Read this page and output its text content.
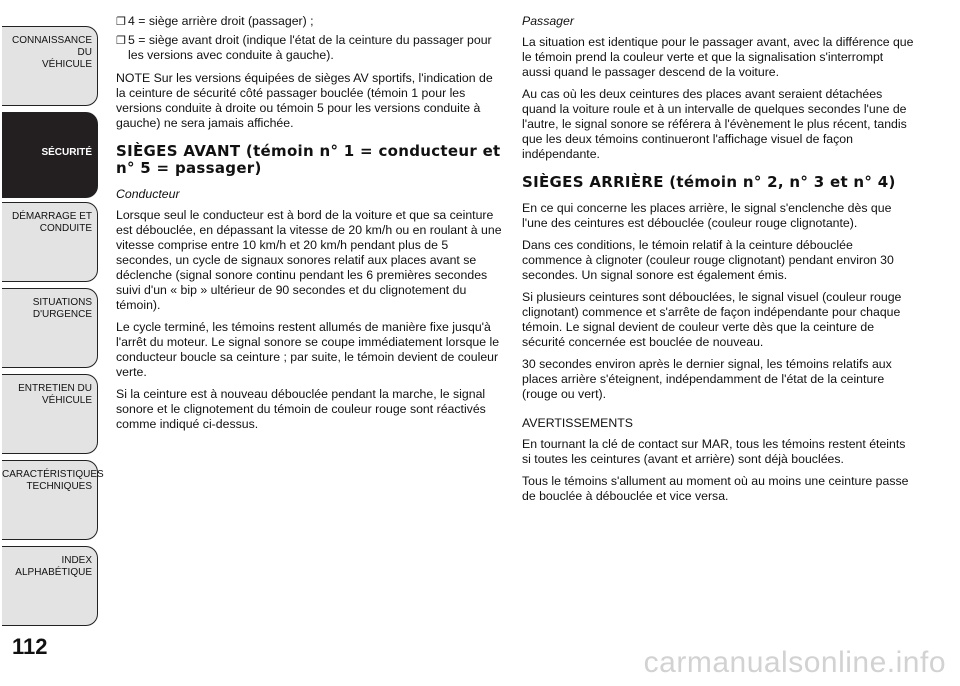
CONNAISSANCE DU
VÉHICULE
SÉCURITÉ
DÉMARRAGE ET
CONDUITE
SITUATIONS
D'URGENCE
ENTRETIEN DU
VÉHICULE
CARACTÉRISTIQUES
TECHNIQUES
INDEX
ALPHABÉTIQUE
112
❐ 4 = siège arrière droit (passager) ;
❐ 5 = siège avant droit (indique l'état de la ceinture du passager pour les versions avec conduite à gauche).

NOTE Sur les versions équipées de sièges AV sportifs, l'indication de la ceinture de sécurité côté passager bouclée (témoin 1 pour les versions conduite à droite ou témoin 5 pour les versions conduite à gauche) ne sera jamais affichée.

SIÈGES AVANT (témoin n° 1 = conducteur et n° 5 = passager)

Conducteur

Lorsque seul le conducteur est à bord de la voiture et que sa ceinture est débouclée, en dépassant la vitesse de 20 km/h ou en roulant à une vitesse comprise entre 10 km/h et 20 km/h pendant plus de 5 secondes, un cycle de signaux sonores relatif aux places avant se déclenche (signal sonore continu pendant les 6 premières secondes suivi d'un « bip » ultérieur de 90 secondes et du clignotement du témoin).

Le cycle terminé, les témoins restent allumés de manière fixe jusqu'à l'arrêt du moteur. Le signal sonore se coupe immédiatement lorsque le conducteur boucle sa ceinture ; par suite, le témoin devient de couleur verte.

Si la ceinture est à nouveau débouclée pendant la marche, le signal sonore et le clignotement du témoin de couleur rouge sont réactivés comme indiqué ci-dessus.

Passager

La situation est identique pour le passager avant, avec la différence que le témoin prend la couleur verte et que la signalisation s'interrompt aussi quand le passager descend de la voiture.

Au cas où les deux ceintures des places avant seraient détachées quand la voiture roule et à un intervalle de quelques secondes l'une de l'autre, le signal sonore se référera à l'évènement le plus récent, tandis que les deux témoins continueront l'affichage visuel de façon indépendante.

SIÈGES ARRIÈRE (témoin n° 2, n° 3 et n° 4)

En ce qui concerne les places arrière, le signal s'enclenche dès que l'une des ceintures est débouclée (couleur rouge clignotante).

Dans ces conditions, le témoin relatif à la ceinture débouclée commence à clignoter (couleur rouge clignotant) pendant environ 30 secondes. Un signal sonore est également émis.

Si plusieurs ceintures sont débouclées, le signal visuel (couleur rouge clignotant) commence et s'arrête de façon indépendante pour chaque témoin. Le signal devient de couleur verte dès que la ceinture de sécurité concernée est bouclée de nouveau.

30 secondes environ après le dernier signal, les témoins relatifs aux places arrière s'éteignent, indépendamment de l'état de la ceinture (rouge ou vert).

AVERTISSEMENTS

En tournant la clé de contact sur MAR, tous les témoins restent éteints si toutes les ceintures (avant et arrière) sont déjà bouclées.

Tous le témoins s'allument au moment où au moins une ceinture passe de bouclée à débouclée et vice versa.

carmanualsonline.info
